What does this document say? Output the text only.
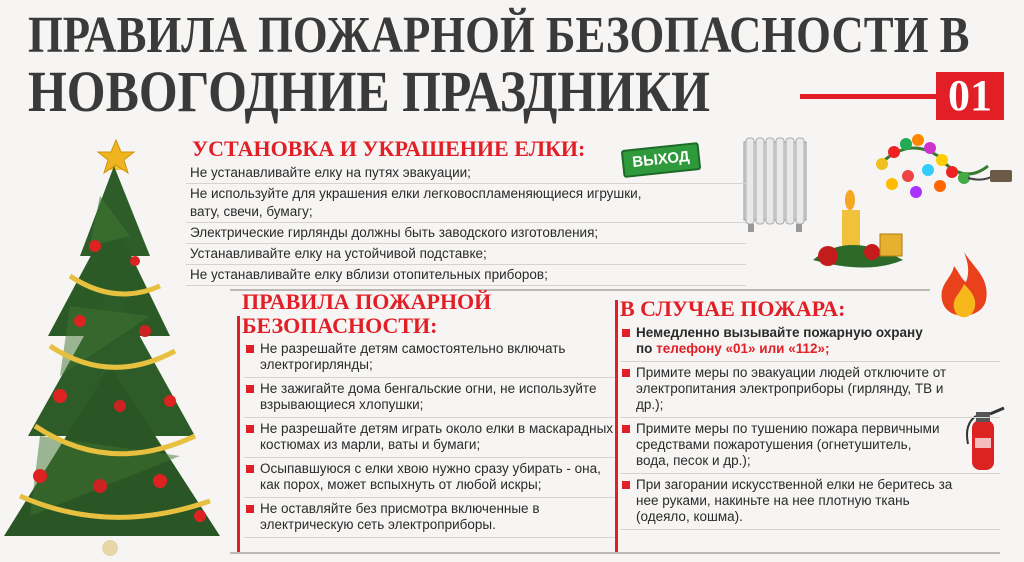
ПРАВИЛА ПОЖАРНОЙ БЕЗОПАСНОСТИ В
НОВОГОДНИЕ ПРАЗДНИКИ	01
ВЫХОД
УСТАНОВКА И УКРАШЕНИЕ ЕЛКИ:
Не устанавливайте елку на путях эвакуации;
Не используйте для украшения елки легковоспламеняющиеся игрушки,
вату, свечи, бумагу;
Электрические гирлянды должны быть заводского изготовления;
Устанавливайте елку на устойчивой подставке;
Не устанавливайте елку вблизи отопительных приборов;
ПРАВИЛА ПОЖАРНОЙ
БЕЗОПАСНОСТИ:
Не разрешайте детям самостоятельно включать электрогирлянды;
Не зажигайте дома бенгальские огни, не используйте взрывающиеся хлопушки;
Не разрешайте детям играть около елки в маскарадных костюмах из марли, ваты и бумаги;
Осыпавшуюся с елки хвою нужно сразу убирать - она, как порох, может вспыхнуть от любой искры;
Не оставляйте без присмотра включенные в электрическую сеть электроприборы.
В СЛУЧАЕ ПОЖАРА:
Немедленно вызывайте пожарную охрану
по телефону «01» или «112»;
Примите меры по эвакуации людей отключите от электропитания электроприборы (гирлянду, ТВ и др.);
Примите меры по тушению пожара первичными средствами пожаротушения (огнетушитель, вода, песок и др.);
При загорании искусственной елки не беритесь за нее руками, накиньте на нее плотную ткань (одеяло, кошма).
